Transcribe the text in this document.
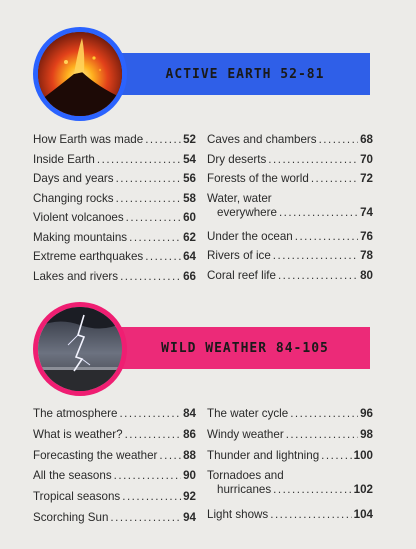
ACTIVE EARTH 52-81
How Earth was made .....	52
Inside Earth .....	54
Days and years .....	56
Changing rocks .....	58
Violent volcanoes .....	60
Making mountains .....	62
Extreme earthquakes .....	64
Lakes and rivers .....	66
Caves and chambers .....	68
Dry deserts .....	70
Forests of the world .....	72
Water, water
everywhere .....	74
Under the ocean .....	76
Rivers of ice .....	78
Coral reef life .....	80
WILD WEATHER 84-105
The atmosphere .....	84
What is weather? .....	86
Forecasting the weather ..... 88
All the seasons .....	90
Tropical seasons .....	92
Scorching Sun .....	94
The water cycle .....	96
Windy weather .....	98
Thunder and lightning .....	100
Tornadoes and
hurricanes .....	102
Light shows .....	104
